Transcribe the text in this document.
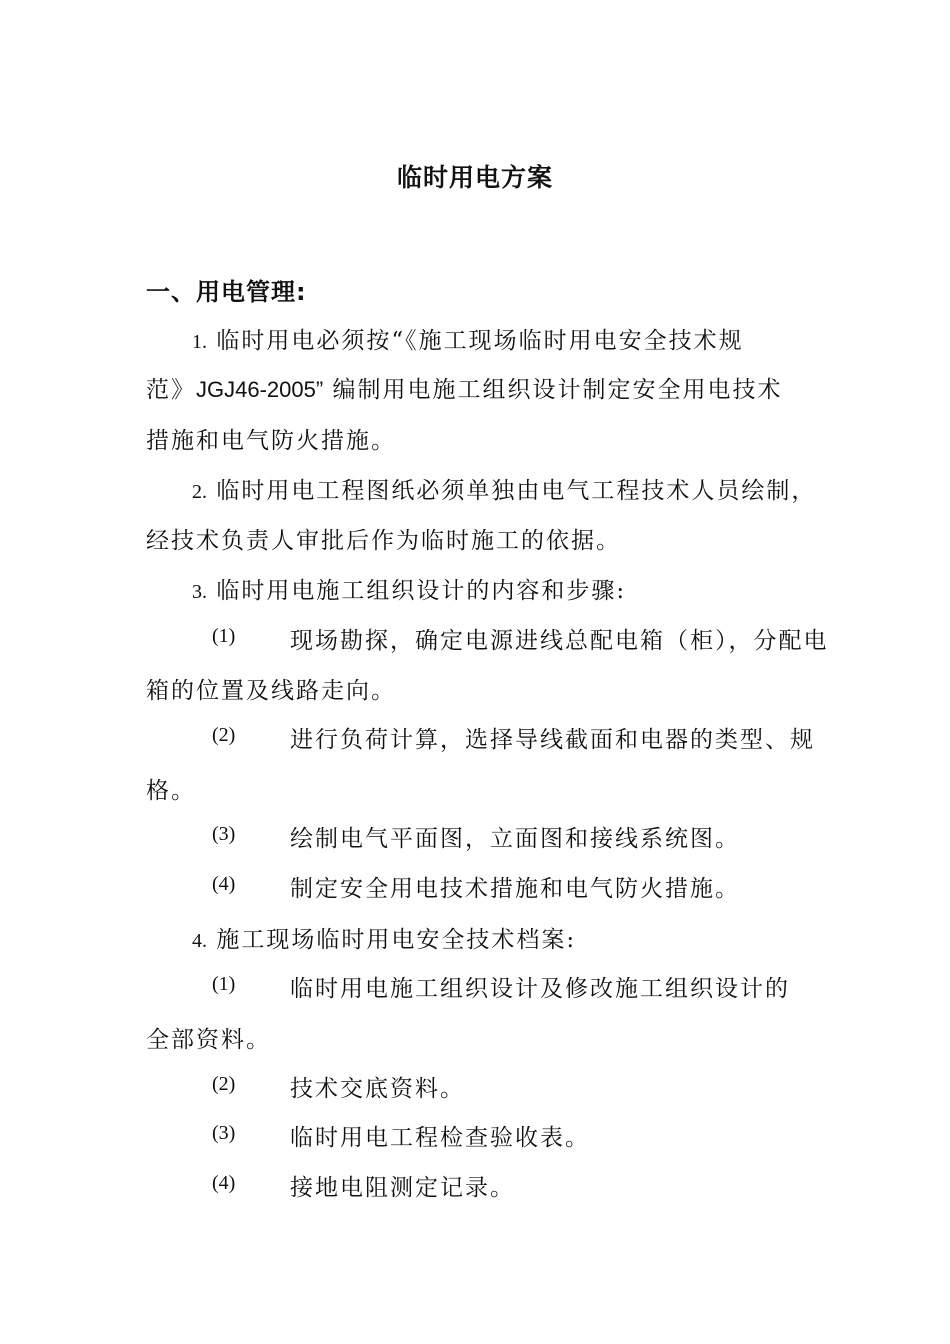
临时用电方案
一、用电管理:

1. 临时用电必须按“《施工现场临时用电安全技术规

范》JGJ46-2005” 编制用电施工组织设计制定安全用电技术

措施和电气防火措施。

2. 临时用电工程图纸必须单独由电气工程技术人员绘制，

经技术负责人审批后作为临时施工的依据。

3. 临时用电施工组织设计的内容和步骤:

(1) 现场勘探，确定电源进线总配电箱（柜），分配电

箱的位置及线路走向。

(2) 进行负荷计算，选择导线截面和电器的类型、规

格。

(3) 绘制电气平面图，立面图和接线系统图。
(4) 制定安全用电技术措施和电气防火措施。

4. 施工现场临时用电安全技术档案:

(1) 临时用电施工组织设计及修改施工组织设计的

全部资料。

(2) 技术交底资料。
(3) 临时用电工程检查验收表。
(4) 接地电阻测定记录。
